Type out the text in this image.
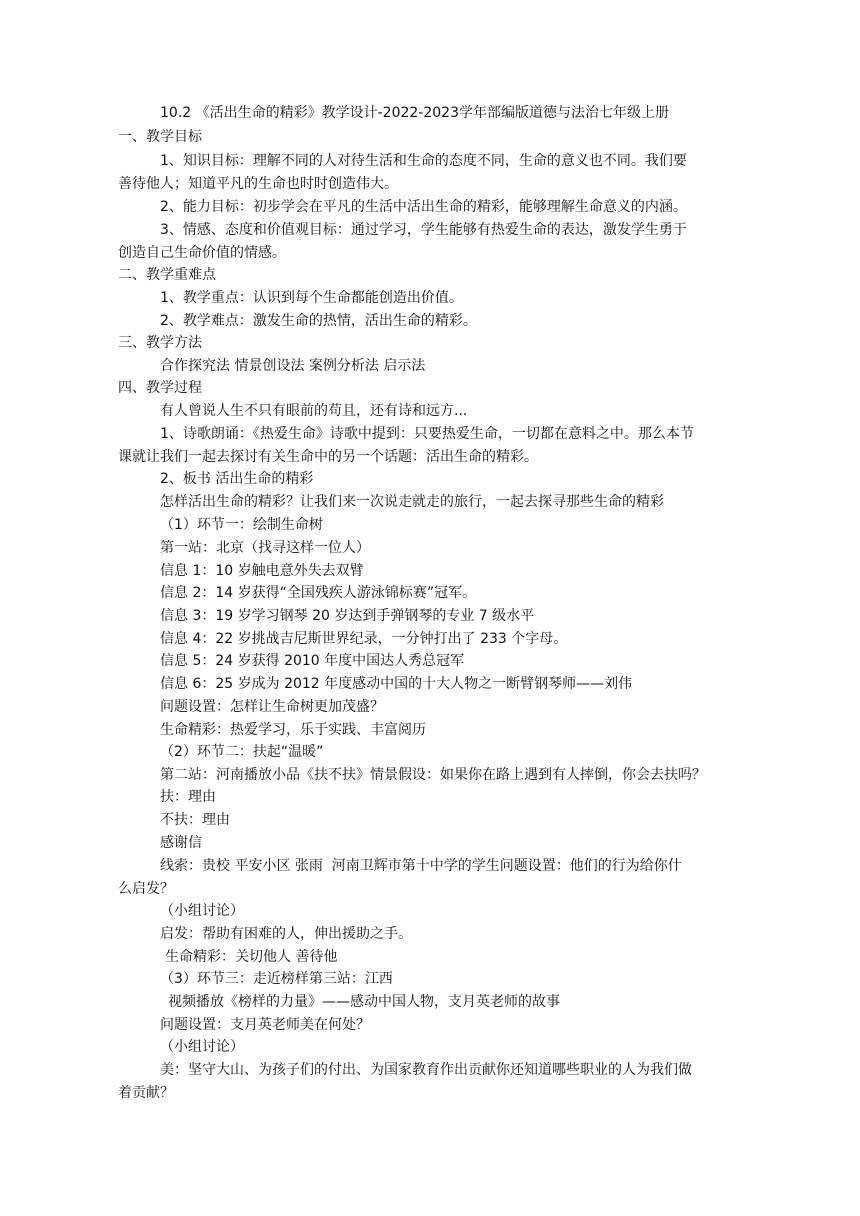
10.2 《活出生命的精彩》教学设计-2022-2023学年部编版道德与法治七年级上册
一、教学目标
1、知识目标：理解不同的人对待生活和生命的态度不同，生命的意义也不同。我们要
善待他人；知道平凡的生命也时时创造伟大。
2、能力目标：初步学会在平凡的生活中活出生命的精彩，能够理解生命意义的内涵。
3、情感、态度和价值观目标：通过学习，学生能够有热爱生命的表达，激发学生勇于
创造自己生命价值的情感。
二、教学重难点
1、教学重点：认识到每个生命都能创造出价值。
2、教学难点：激发生命的热情，活出生命的精彩。
三、教学方法
合作探究法 情景创设法 案例分析法 启示法
四、教学过程
有人曾说人生不只有眼前的苟且，还有诗和远方...
1、诗歌朗诵：《热爱生命》诗歌中提到：只要热爱生命，一切都在意料之中。那么本节
课就让我们一起去探讨有关生命中的另一个话题：活出生命的精彩。
2、板书 活出生命的精彩
怎样活出生命的精彩？让我们来一次说走就走的旅行，一起去探寻那些生命的精彩
（1）环节一：绘制生命树
第一站：北京（找寻这样一位人）
信息 1：10 岁触电意外失去双臂
信息 2：14 岁获得“全国残疾人游泳锦标赛”冠军。
信息 3：19 岁学习钢琴 20 岁达到手弹钢琴的专业 7 级水平
信息 4：22 岁挑战吉尼斯世界纪录，一分钟打出了 233 个字母。
信息 5：24 岁获得 2010 年度中国达人秀总冠军
信息 6：25 岁成为 2012 年度感动中国的十大人物之一断臂钢琴师——刘伟
问题设置：怎样让生命树更加茂盛？
生命精彩：热爱学习，乐于实践、丰富阅历
（2）环节二：扶起“温暖”
第二站：河南播放小品《扶不扶》情景假设：如果你在路上遇到有人摔倒，你会去扶吗？
扶：理由
不扶：理由
感谢信
线索：贵校 平安小区 张雨  河南卫辉市第十中学的学生问题设置：他们的行为给你什
么启发？
（小组讨论）
启发：帮助有困难的人，伸出援助之手。
生命精彩：关切他人 善待他
（3）环节三：走近榜样第三站：江西
视频播放《榜样的力量》——感动中国人物，支月英老师的故事
问题设置：支月英老师美在何处？
（小组讨论）
美：坚守大山、为孩子们的付出、为国家教育作出贡献你还知道哪些职业的人为我们做
着贡献？
